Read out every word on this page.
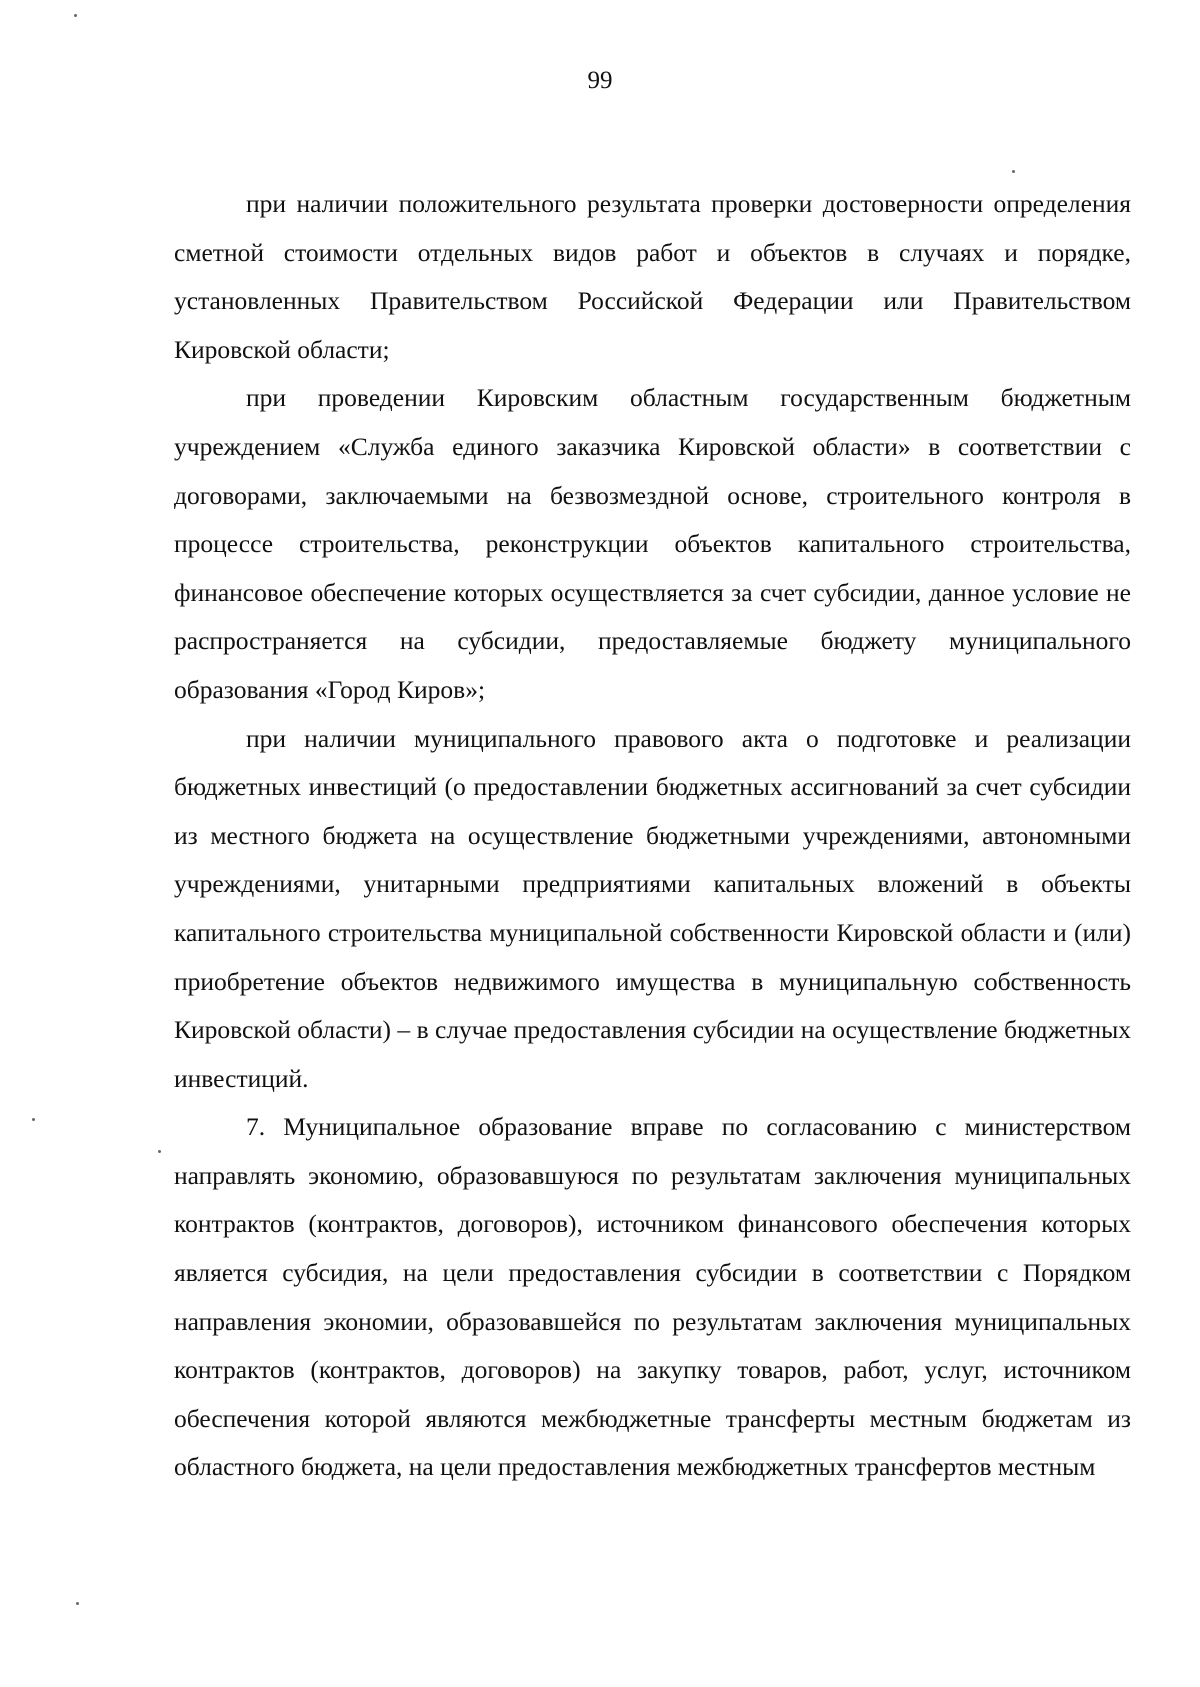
99

при наличии положительного результата проверки достоверности определения сметной стоимости отдельных видов работ и объектов в случаях и порядке, установленных Правительством Российской Федерации или Правительством Кировской области;

при проведении Кировским областным государственным бюджетным учреждением «Служба единого заказчика Кировской области» в соответствии с договорами, заключаемыми на безвозмездной основе, строительного контроля в процессе строительства, реконструкции объектов капитального строительства, финансовое обеспечение которых осуществляется за счет субсидии, данное условие не распространяется на субсидии, предоставляемые бюджету муниципального образования «Город Киров»;

при наличии муниципального правового акта о подготовке и реализации бюджетных инвестиций (о предоставлении бюджетных ассигнований за счет субсидии из местного бюджета на осуществление бюджетными учреждениями, автономными учреждениями, унитарными предприятиями капитальных вложений в объекты капитального строительства муниципальной собственности Кировской области и (или) приобретение объектов недвижимого имущества в муниципальную собственность Кировской области) – в случае предоставления субсидии на осуществление бюджетных инвестиций.

7. Муниципальное образование вправе по согласованию с министерством направлять экономию, образовавшуюся по результатам заключения муниципальных контрактов (контрактов, договоров), источником финансового обеспечения которых является субсидия, на цели предоставления субсидии в соответствии с Порядком направления экономии, образовавшейся по результатам заключения муниципальных контрактов (контрактов, договоров) на закупку товаров, работ, услуг, источником обеспечения которой являются межбюджетные трансферты местным бюджетам из областного бюджета, на цели предоставления межбюджетных трансфертов местным
